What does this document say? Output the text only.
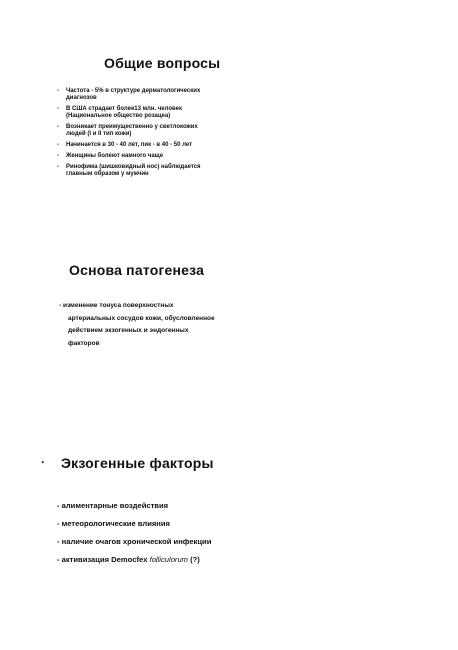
Общие вопросы
- Частота - 5% в структуре дерматологических диагнозов
- В США страдает более13 млн. человек (Национальное общество розацеа)
- Возникает преимущественно у светлокожих людей (I и II тип кожи)
- Начинается в 30 - 40 лет, пик - в 40 - 50 лет
- Женщины болеют намного чаще
- Ринофима (шишковидный нос) наблюдается главным образом у мужчин
Основа патогенеза
- изменение тонуса поверхностных
артериальных сосудов кожи, обусловленное
действием экзогенных и эндогенных
факторов
. Экзогенные факторы
- алиментарные воздействия
- метеорологические влияния
- наличие очагов хронической инфекции
- активизация Democfex folliculorum (?)
